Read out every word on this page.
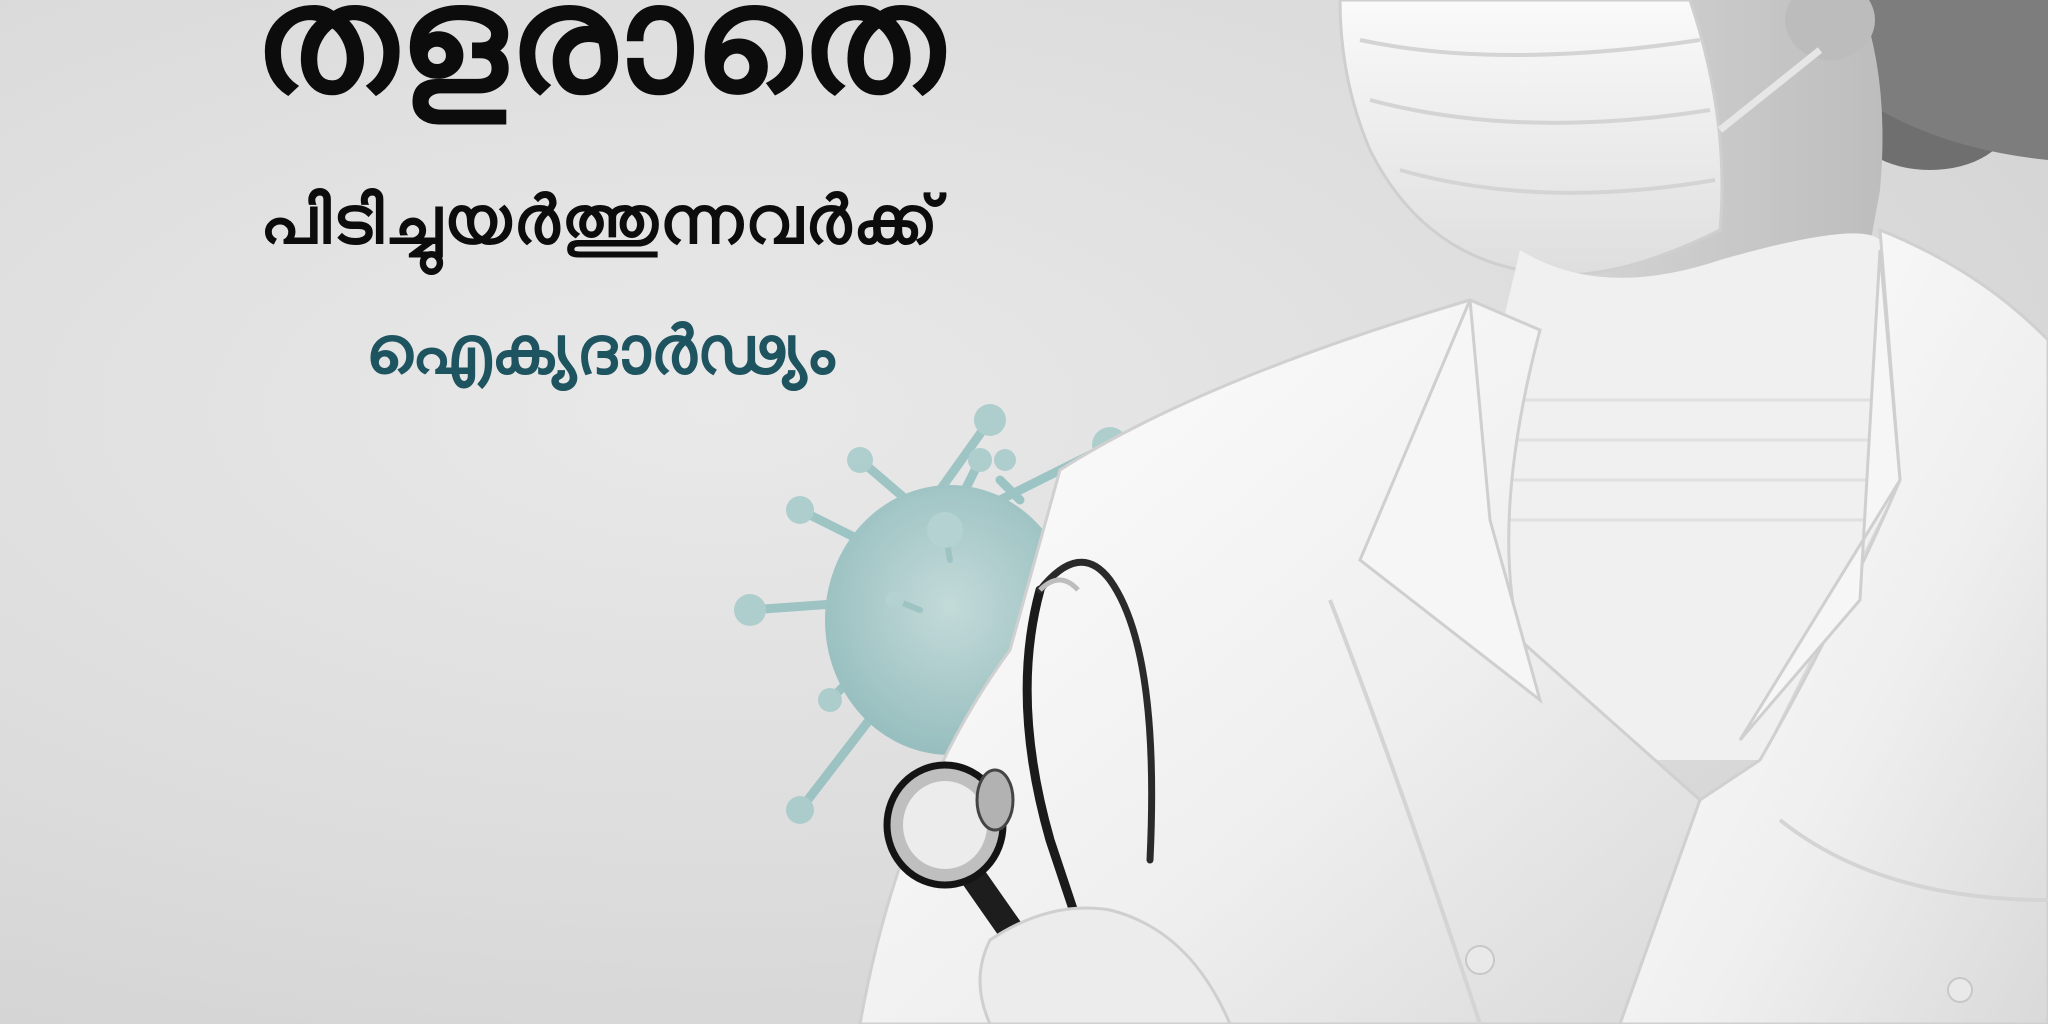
തളരാതെ
പിടിച്ചുയർത്തുന്നവർക്ക്
ഐക്യദാർഢ്യം
